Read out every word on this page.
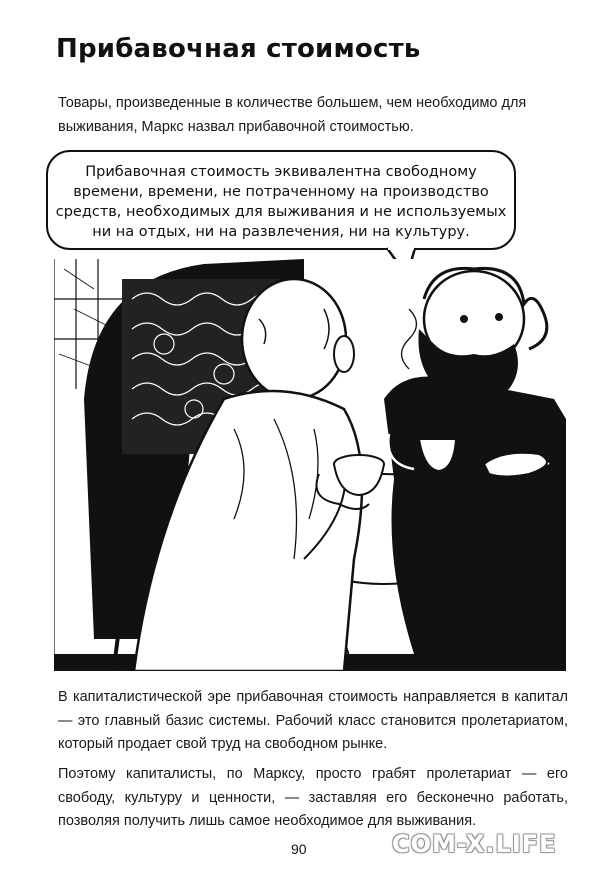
Прибавочная стоимость

Товары, произведенные в количестве большем, чем необходимо для выживания, Маркс назвал прибавочной стоимостью.

Прибавочная стоимость эквивалентна свободному
времени, времени, не потраченному на производство
средств, необходимых для выживания и не используемых
ни на отдых, ни на развлечения, ни на культуру.

В капиталистической эре прибавочная стоимость направляется в капитал — это главный базис системы. Рабочий класс становится пролетариатом, который продает свой труд на свободном рынке.

Поэтому капиталисты, по Марксу, просто грабят пролетариат — его свободу, культуру и ценности, — заставляя его бесконечно работать, позволяя получить лишь самое необходимое для выживания.

90	COM-X.LIFE
